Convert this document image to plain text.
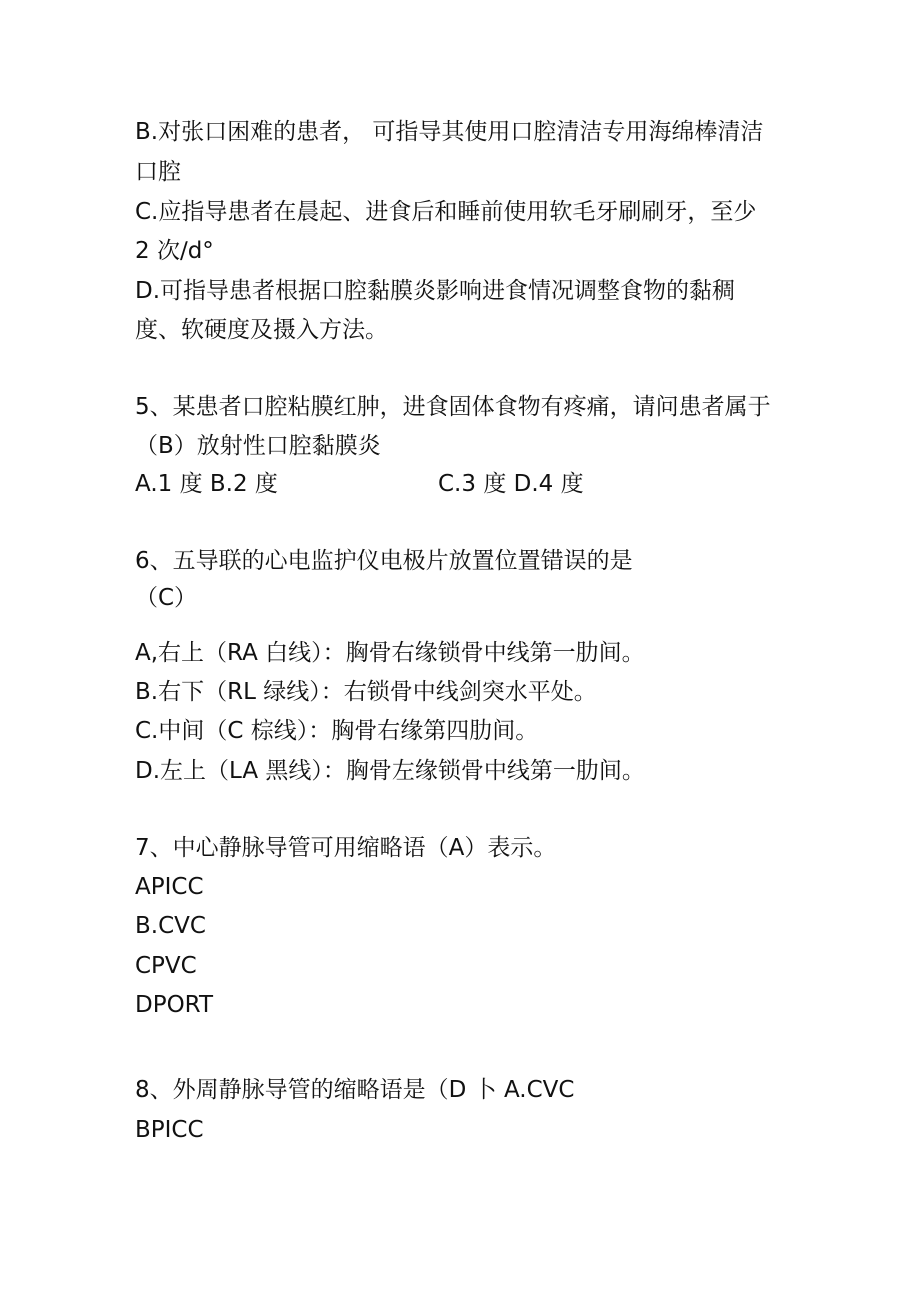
B.对张口困难的患者， 可指导其使用口腔清洁专用海绵棒清洁
口腔
C.应指导患者在晨起、进食后和睡前使用软毛牙刷刷牙，至少
2 次∕d°
D.可指导患者根据口腔黏膜炎影响进食情况调整食物的黏稠
度、软硬度及摄入方法。
5、某患者口腔粘膜红肿，进食固体食物有疼痛，请问患者属于
（B）放射性口腔黏膜炎
A.1 度 B.2 度	C.3 度 D.4 度
6、五导联的心电监护仪电极片放置位置错误的是
（C）
A,右上（RA 白线）：胸骨右缘锁骨中线第一肋间。
B.右下（RL 绿线）：右锁骨中线剑突水平处。
C.中间（C 棕线）：胸骨右缘第四肋间。
D.左上（LA 黑线）：胸骨左缘锁骨中线第一肋间。
7、中心静脉导管可用缩略语（A）表示。
APICC
B.CVC
CPVC
DPORT
8、外周静脉导管的缩略语是（D 卜 A.CVC
BPICC
